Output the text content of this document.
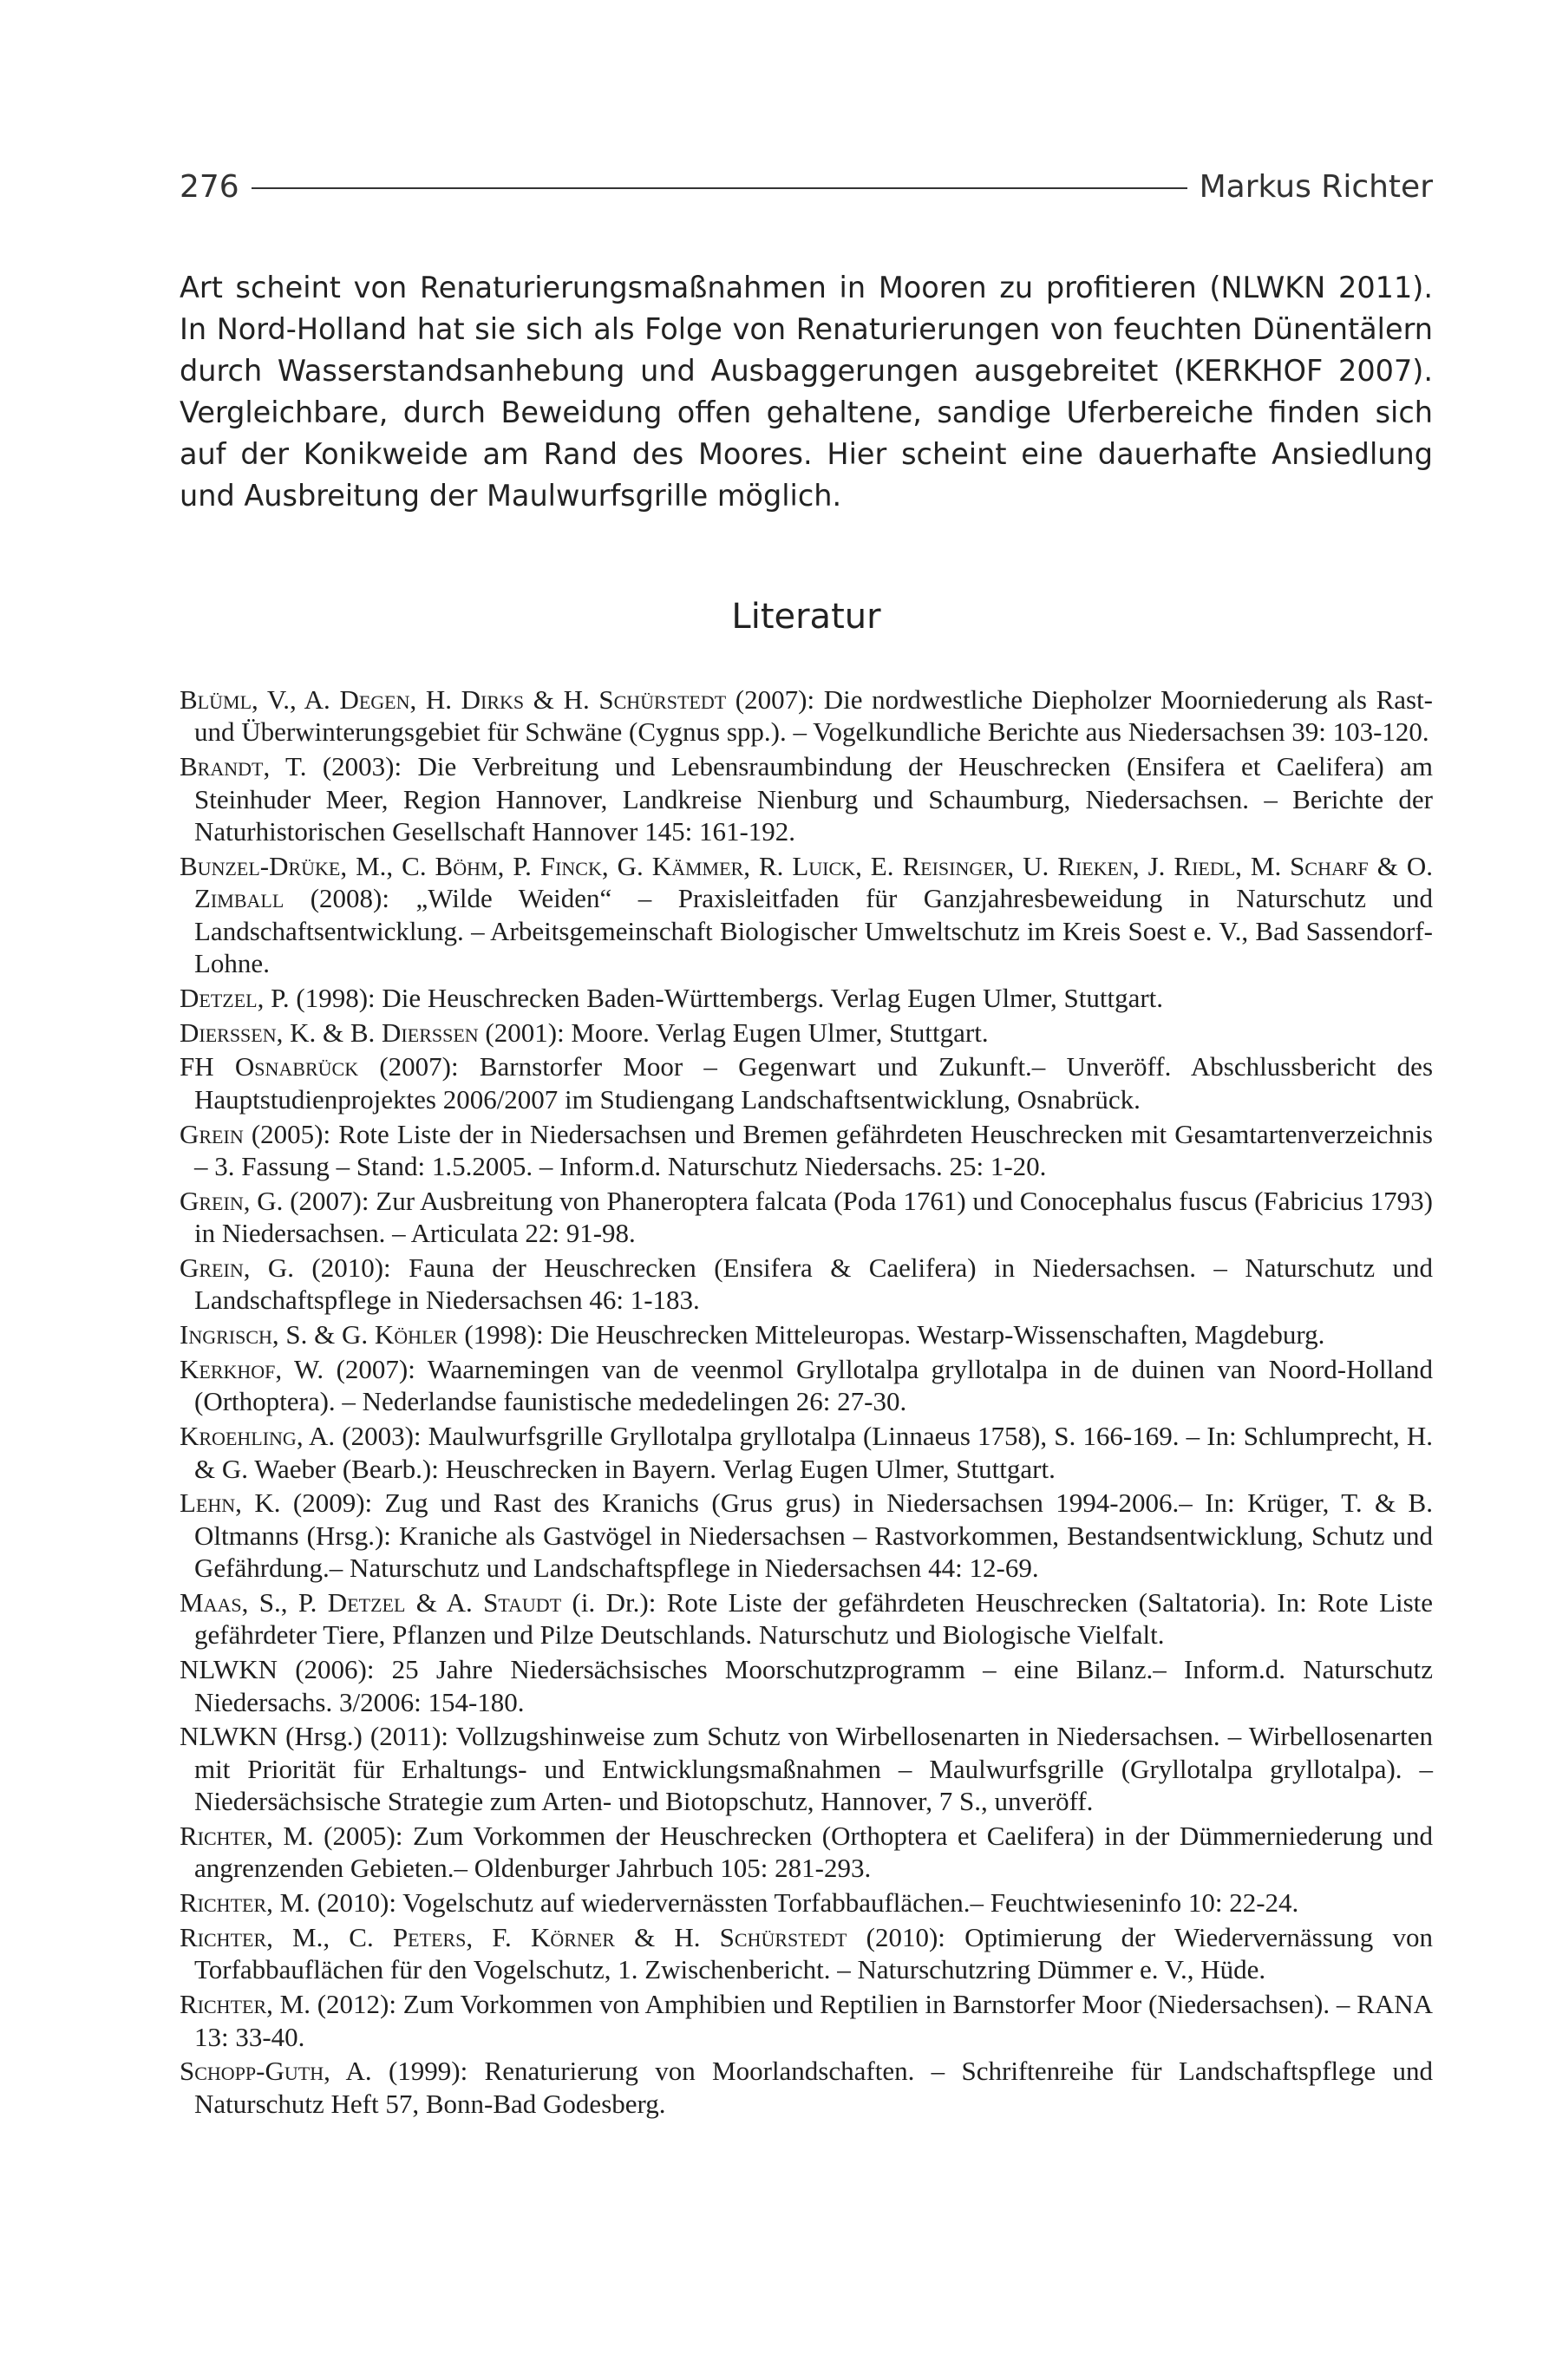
276	Markus Richter

Art scheint von Renaturierungsmaßnahmen in Mooren zu profitieren (NLWKN 2011). In Nord-Holland hat sie sich als Folge von Renaturierungen von feuchten Dünentälern durch Wasserstandsanhebung und Ausbaggerungen ausgebreitet (KERKHOF 2007). Vergleichbare, durch Beweidung offen gehaltene, sandige Uferbereiche finden sich auf der Konikweide am Rand des Moores. Hier scheint eine dauerhafte Ansiedlung und Ausbreitung der Maulwurfsgrille möglich.

Literatur

Blüml, V., A. Degen, H. Dirks & H. Schürstedt (2007): Die nordwestliche Diepholzer Moorniederung als Rast- und Überwinterungsgebiet für Schwäne (Cygnus spp.). – Vogelkundliche Berichte aus Niedersachsen 39: 103-120.

Brandt, T. (2003): Die Verbreitung und Lebensraumbindung der Heuschrecken (Ensifera et Caelifera) am Steinhuder Meer, Region Hannover, Landkreise Nienburg und Schaumburg, Niedersachsen. – Berichte der Naturhistorischen Gesellschaft Hannover 145: 161-192.

Bunzel-Drüke, M., C. Böhm, P. Finck, G. Kämmer, R. Luick, E. Reisinger, U. Rieken, J. Riedl, M. Scharf & O. Zimball (2008): „Wilde Weiden“ – Praxisleitfaden für Ganzjahresbeweidung in Naturschutz und Landschaftsentwicklung. – Arbeitsgemeinschaft Biologischer Umweltschutz im Kreis Soest e. V., Bad Sassendorf-Lohne.

Detzel, P. (1998): Die Heuschrecken Baden-Württembergs. Verlag Eugen Ulmer, Stuttgart.

Dierssen, K. & B. Dierssen (2001): Moore. Verlag Eugen Ulmer, Stuttgart.

FH Osnabrück (2007): Barnstorfer Moor – Gegenwart und Zukunft.– Unveröff. Abschlussbericht des Hauptstudienprojektes 2006/2007 im Studiengang Landschaftsentwicklung, Osnabrück.

Grein (2005): Rote Liste der in Niedersachsen und Bremen gefährdeten Heuschrecken mit Gesamtartenverzeichnis – 3. Fassung – Stand: 1.5.2005. – Inform.d. Naturschutz Niedersachs. 25: 1-20.

Grein, G. (2007): Zur Ausbreitung von Phaneroptera falcata (Poda 1761) und Conocephalus fuscus (Fabricius 1793) in Niedersachsen. – Articulata 22: 91-98.

Grein, G. (2010): Fauna der Heuschrecken (Ensifera & Caelifera) in Niedersachsen. – Naturschutz und Landschaftspflege in Niedersachsen 46: 1-183.

Ingrisch, S. & G. Köhler (1998): Die Heuschrecken Mitteleuropas. Westarp-Wissenschaften, Magdeburg.

Kerkhof, W. (2007): Waarnemingen van de veenmol Gryllotalpa gryllotalpa in de duinen van Noord-Holland (Orthoptera). – Nederlandse faunistische mededelingen 26: 27-30.

Kroehling, A. (2003): Maulwurfsgrille Gryllotalpa gryllotalpa (Linnaeus 1758), S. 166-169. – In: Schlumprecht, H. & G. Waeber (Bearb.): Heuschrecken in Bayern. Verlag Eugen Ulmer, Stuttgart.

Lehn, K. (2009): Zug und Rast des Kranichs (Grus grus) in Niedersachsen 1994-2006.– In: Krüger, T. & B. Oltmanns (Hrsg.): Kraniche als Gastvögel in Niedersachsen – Rastvorkommen, Bestandsentwicklung, Schutz und Gefährdung.– Naturschutz und Landschaftspflege in Niedersachsen 44: 12-69.

Maas, S., P. Detzel & A. Staudt (i. Dr.): Rote Liste der gefährdeten Heuschrecken (Saltatoria). In: Rote Liste gefährdeter Tiere, Pflanzen und Pilze Deutschlands. Naturschutz und Biologische Vielfalt.

NLWKN (2006): 25 Jahre Niedersächsisches Moorschutzprogramm – eine Bilanz.– Inform.d. Naturschutz Niedersachs. 3/2006: 154-180.

NLWKN (Hrsg.) (2011): Vollzugshinweise zum Schutz von Wirbellosenarten in Niedersachsen. – Wirbellosenarten mit Priorität für Erhaltungs- und Entwicklungsmaßnahmen – Maulwurfsgrille (Gryllotalpa gryllotalpa). – Niedersächsische Strategie zum Arten- und Biotopschutz, Hannover, 7 S., unveröff.

Richter, M. (2005): Zum Vorkommen der Heuschrecken (Orthoptera et Caelifera) in der Dümmerniederung und angrenzenden Gebieten.– Oldenburger Jahrbuch 105: 281-293.

Richter, M. (2010): Vogelschutz auf wiedervernässten Torfabbauflächen.– Feuchtwieseninfo 10: 22-24.

Richter, M., C. Peters, F. Körner & H. Schürstedt (2010): Optimierung der Wiedervernässung von Torfabbauflächen für den Vogelschutz, 1. Zwischenbericht. – Naturschutzring Dümmer e. V., Hüde.

Richter, M. (2012): Zum Vorkommen von Amphibien und Reptilien in Barnstorfer Moor (Niedersachsen). – RANA 13: 33-40.

Schopp-Guth, A. (1999): Renaturierung von Moorlandschaften. – Schriftenreihe für Landschaftspflege und Naturschutz Heft 57, Bonn-Bad Godesberg.
